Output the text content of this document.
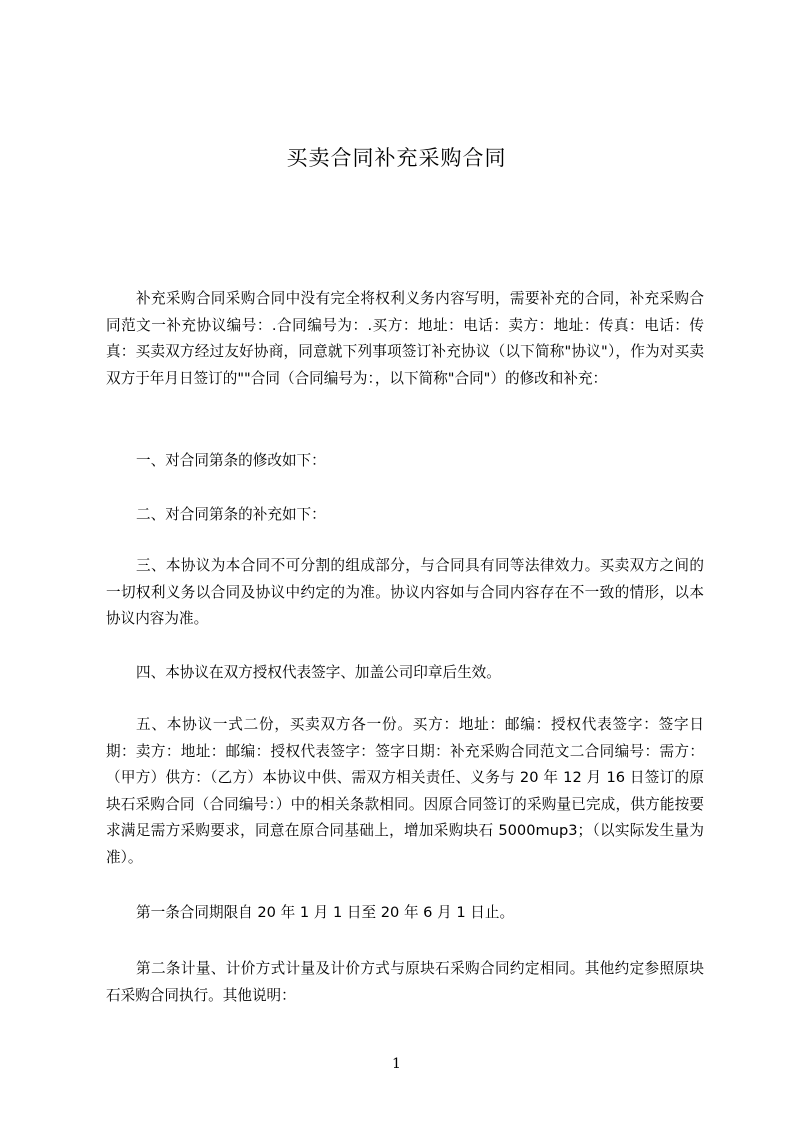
买卖合同补充采购合同

补充采购合同采购合同中没有完全将权利义务内容写明，需要补充的合同，补充采购合同范文一补充协议编号：.合同编号为：.买方：地址：电话：卖方：地址：传真：电话：传真：买卖双方经过友好协商，同意就下列事项签订补充协议（以下简称"协议"），作为对买卖双方于年月日签订的""合同（合同编号为：，以下简称"合同"）的修改和补充：

一、对合同第条的修改如下：

二、对合同第条的补充如下：

三、本协议为本合同不可分割的组成部分，与合同具有同等法律效力。买卖双方之间的一切权利义务以合同及协议中约定的为准。协议内容如与合同内容存在不一致的情形，以本协议内容为准。

四、本协议在双方授权代表签字、加盖公司印章后生效。

五、本协议一式二份，买卖双方各一份。买方：地址：邮编：授权代表签字：签字日期：卖方：地址：邮编：授权代表签字：签字日期：补充采购合同范文二合同编号：需方：（甲方）供方：（乙方）本协议中供、需双方相关责任、义务与 20 年 12 月 16 日签订的原块石采购合同（合同编号：）中的相关条款相同。因原合同签订的采购量已完成，供方能按要求满足需方采购要求，同意在原合同基础上，增加采购块石 5000mup3；（以实际发生量为准）。

第一条合同期限自 20 年 1 月 1 日至 20 年 6 月 1 日止。

第二条计量、计价方式计量及计价方式与原块石采购合同约定相同。其他约定参照原块石采购合同执行。其他说明：

1
